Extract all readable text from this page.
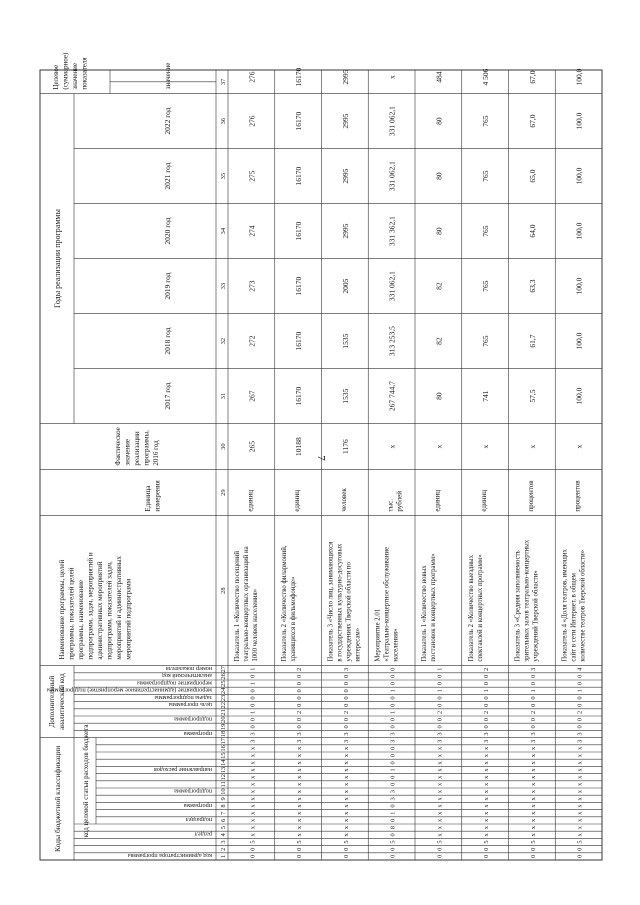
7
Коды бюджетной классификации	код целевой статьи расходов бюджета
Дополнительный аналитический код
Годы реализации программы
Наименование программы, целей программы, показателей целей программы, наименование подпрограмм, задач, мероприятий и административных мероприятий подпрограмм, показателей задач, мероприятий и административных мероприятий подпрограмм
Единица измерения
Фактическое значение реализации программы, 2016 год
Целевое (суммарное) значение показателя	значение
код администратора программы
раздел
подраздел
программа
подпрограмма
направление расходов
программа
подпрограмма
цель программы
задача подпрограммы
мероприятие (административное мероприятие) подпрограммы
мероприятие подпрограммы
аналитический код
номер показателя
2017 год
2018 год
2019 год
2020 год
2021 год
2022 год
1
2
3
4
5
6
7
8
9
10
11
12
13
14
15
16
17
18
19
20
21
22
23
24
25
26
27
28
29
30
31
32
33
34
35
36
37
0
0
5
x
x
x
x
x
x
x
x
x
x
x
x
x
3
3
0
0
1
0
0
0
1
0
1
Показатель 1 «Количество посещений театрально-концертных организаций на 1000 человек населения»
единиц
265
267
272
273
274
275
276
276
0
0
5
x
x
x
x
x
x
x
x
x
x
x
x
x
3
3
0
0
2
0
0
0
0
0
2
Показатель 2 «Количество филармоний, хранящихся в фильмофонде»
единиц
10188
16170
16170
16170
16170
16170
16170
16170
0
0
5
x
x
x
x
x
x
x
x
x
x
x
x
x
3
3
0
0
2
0
0
0
0
0
3
Показатель 3 «Число лиц, занимающихся в государственных культурно-досуговых учреждениях Тверской области по интересам»
человек
1176
1535
1535
2005
2995
2995
2995
2995
0
0
5
0
8
0
1
0
3
3
0
0
1
0
0
0
3
3
0
0
1
0
0
1
0
0
0
Мероприятие 2.01 «Театрально-концертное обслуживание населения»
тыс.рублей
х
267 744,7
313 253,5
331 062,1
331 362,1
331 062,1
331 062,1
х
0
0
5
x
x
x
x
x
x
x
x
x
x
x
x
x
3
3
0
0
2
0
0
1
0
0
1
Показатель 1 «Количество новых постановок и концертных программ»
единиц
х
80
82
82
80
80
80
484
0
0
5
x
x
x
x
x
x
x
x
x
x
x
x
x
3
3
0
0
2
0
0
1
0
0
2
Показатель 2 «Количество выездных спектаклей и концертных программ»
единиц
х
741
765
765
765
765
765
4 506
0
0
5
x
x
x
x
x
x
x
x
x
x
x
x
x
3
3
0
0
2
0
0
1
0
0
3
Показатель 3 «Средняя заполняемость зрительных залов театрально-концертных учреждений Тверской области»
процентов
х
57,5
61,7
63,3
64,0
65,0
67,0
67,0
0
0
5
x
x
x
x
x
x
x
x
x
x
x
x
x
3
3
0
0
2
0
0
1
0
0
4
Показатель 4 «Доля театров, имеющих сайт в сети Интернет, в общем количестве театров Тверской области»
процентов
х
100,0
100,0
100,0
100,0
100,0
100,0
100,0
